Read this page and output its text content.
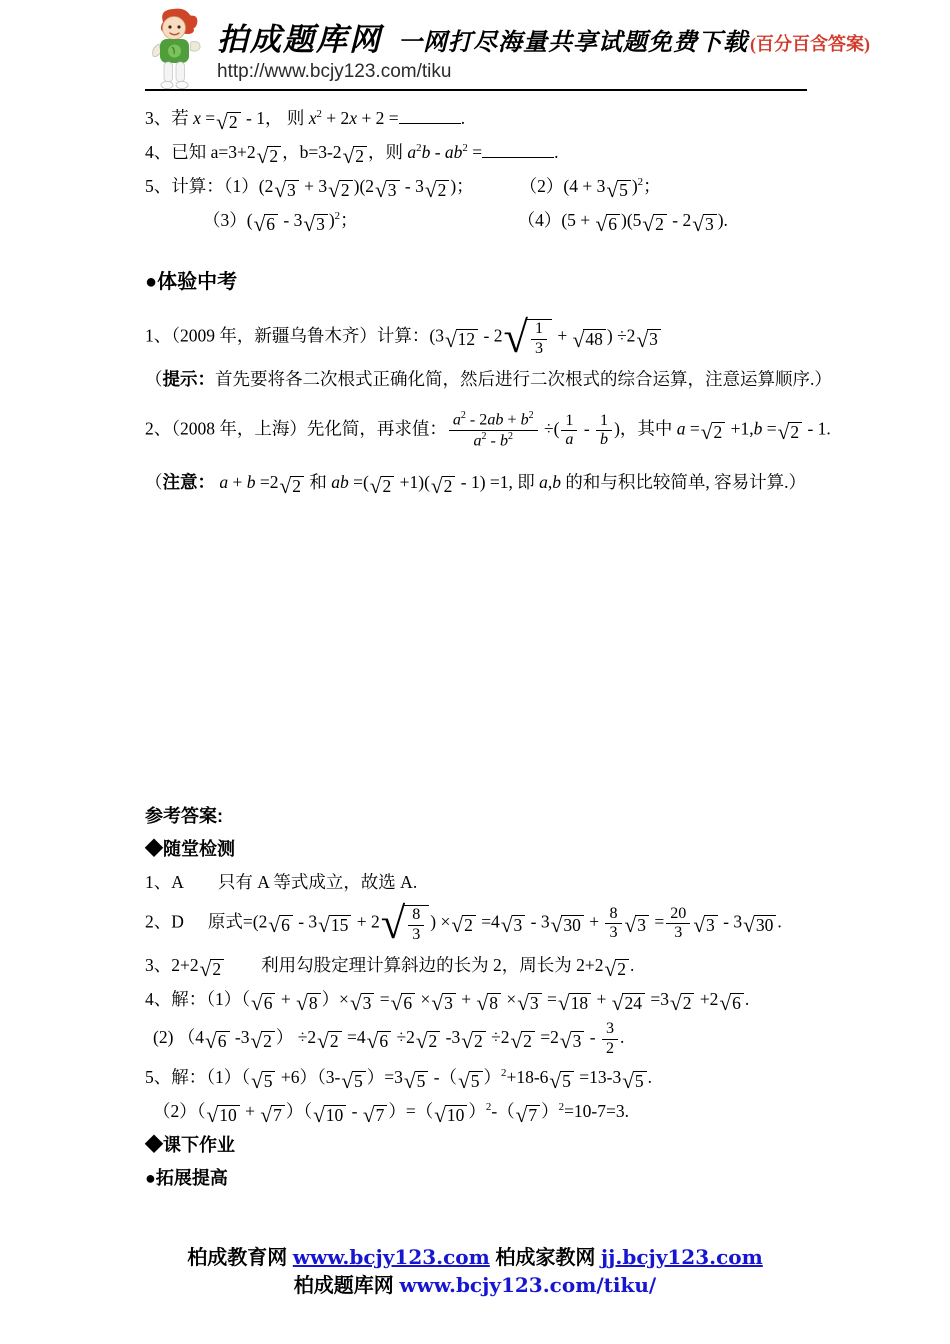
拍成题库网 一网打尽海量共享试题免费下载 (百分百含答案)
http://www.bcjy123.com/tiku
3、若 x =√2 - 1， 则 $x^2 + 2x + 2$ =	.
4、已知 a=3+2√2 ，b=3-2√2 ，则 $a^2b - ab^2$ =	.
5、计算：（1）(2√3 + 3√2 )(2√3 - 3√2 )；	（2）(4 + 3√5 )$^2$；
（3）(√6 - 3√3 )$^2$；	（4）(5 + √6 )(5√2 - 2√3 ).
●体验中考
1、（2009 年，新疆乌鲁木齐）计算：($3√12 - 2√ \frac{1}{3} + √48$ ) ÷2√3
（提示：首先要将各二次根式正确化简，然后进行二次根式的综合运算，注意运算顺序.）
2、（2008 年，上海）先化简，再求值： $\frac{a^2 - 2ab + b^2}{a^2 - b^2}$ ÷( $\frac{1}{a} - \frac{1}{b}$ )，其中 a =√2 +1,b =√2 - 1.
（注意： a + b =2√2 和 ab =(√2 +1)(√2 - 1) =1, 即 a,b 的和与积比较简单, 容易计算.）
参考答案:
◆随堂检测
1、A 只有 A 等式成立，故选 A.
2、D 原式$=(2√6 - 3√15 + 2√ \frac{8}{3}$ ) $\times√2 =4√3 - 3√30 + \frac{8}{3} √3 = \frac{20}{3} √3 - 3√30$ .
3、2+2√2 利用勾股定理计算斜边的长为 2，周长为 2+2√2 .
4、解：（1）（√6 + √8 ）×√3 =√6 ×√3 + √8 ×√3 =√18 + √24 =3√2 +2√6 .
(2) （4√6 -3√2 ） ÷2√2 =4√6 ÷2√2 $-3√2 \div 2√2 =2√3 - \frac{3}{2}$ .
5、解：（1）（√5 +6）（3-√5 ）=3√5 -（√5 ）$^2$+18-6√5 =13-3√5 .
（2）（√10 + √7 ）（√10 - √7 ）=（√10 ）$^2$-（√7 ）$^2$=10-7=3.
◆课下作业
●拓展提高
柏成教育网 www.bcjy123.com 柏成家教网 jj.bcjy123.com
柏成题库网 www.bcjy123.com/tiku/
